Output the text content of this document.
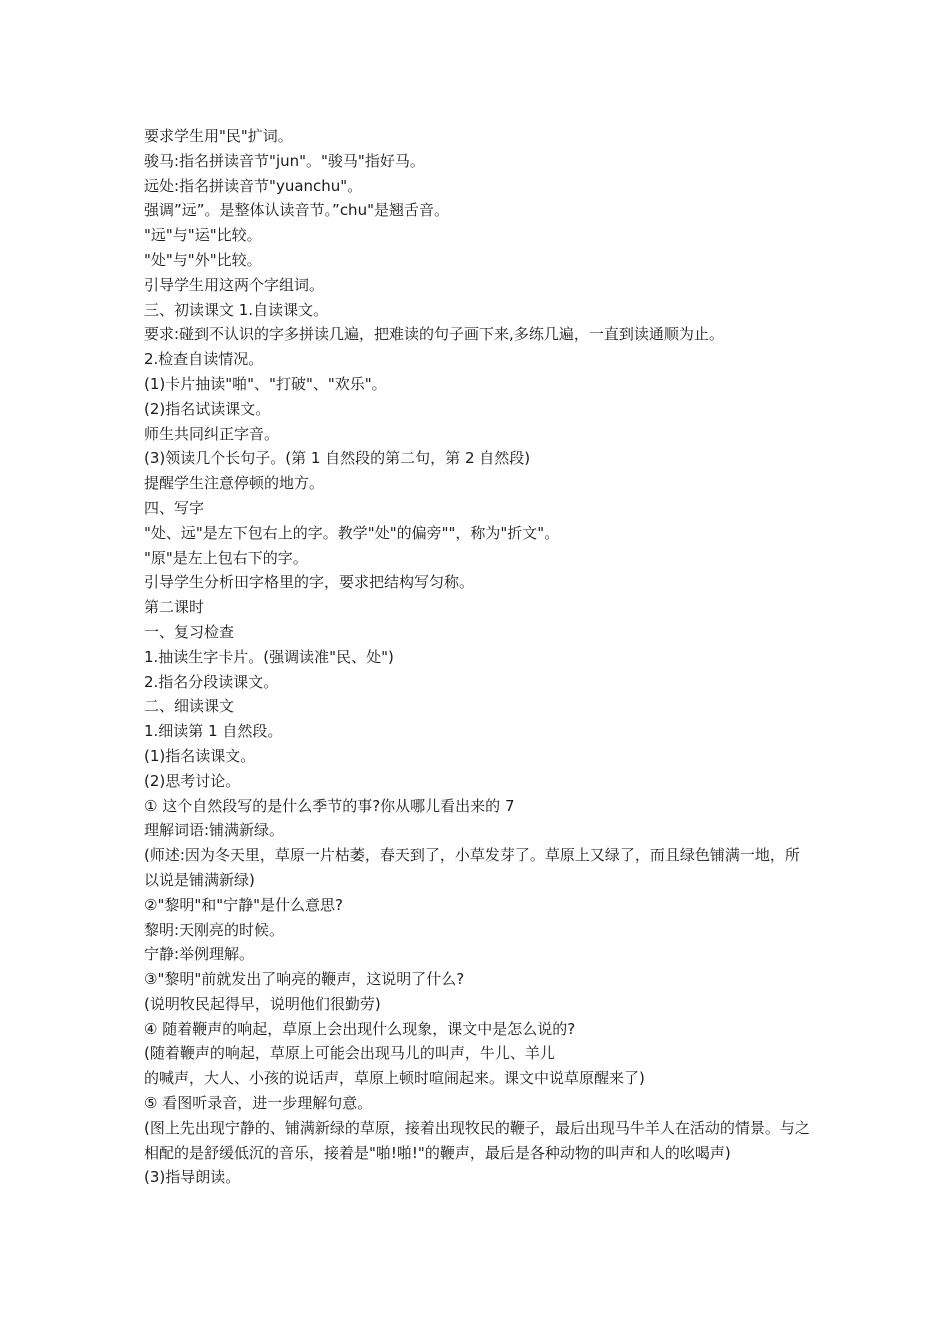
要求学生用"民"扩词。

骏马:指名拼读音节"jun"。"骏马"指好马。

远处:指名拼读音节"yuanchu"。

强调”远”。是整体认读音节。”chu"是翘舌音。

"远"与"运"比较。

"处"与"外"比较。

引导学生用这两个字组词。

三、初读课文 1.自读课文。

要求:碰到不认识的字多拼读几遍，把难读的句子画下来,多练几遍，一直到读通顺为止。

2.检查自读情况。

(1)卡片抽读"啪"、"打破"、"欢乐"。

(2)指名试读课文。

师生共同纠正字音。

(3)领读几个长句子。(第 1 自然段的第二句，第 2 自然段)

提醒学生注意停顿的地方。

四、写字

"处、远"是左下包右上的字。教学"处"的偏旁""，称为"折文"。

"原"是左上包右下的字。

引导学生分析田字格里的字，要求把结构写匀称。

第二课时

一、复习检查

1.抽读生字卡片。(强调读准"民、处")

2.指名分段读课文。

二、细读课文

1.细读第 1 自然段。

(1)指名读课文。

(2)思考讨论。

① 这个自然段写的是什么季节的事?你从哪儿看出来的 7

理解词语:铺满新绿。

(师述:因为冬天里，草原一片枯萎，春天到了，小草发芽了。草原上又绿了，而且绿色铺满一地，所以说是铺满新绿)

②"黎明"和"宁静"是什么意思?

黎明:天刚亮的时候。

宁静:举例理解。

③"黎明"前就发出了响亮的鞭声，这说明了什么?

(说明牧民起得早，说明他们很勤劳)

④ 随着鞭声的响起，草原上会出现什么现象，课文中是怎么说的?

(随着鞭声的响起，草原上可能会出现马儿的叫声，牛儿、羊儿

的喊声，大人、小孩的说话声，草原上顿时喧闹起来。课文中说草原醒来了)

⑤ 看图听录音，进一步理解句意。

(图上先出现宁静的、铺满新绿的草原，接着出现牧民的鞭子，最后出现马牛羊人在活动的情景。与之相配的是舒缓低沉的音乐，接着是"啪!啪!"的鞭声，最后是各种动物的叫声和人的吆喝声)

(3)指导朗读。
